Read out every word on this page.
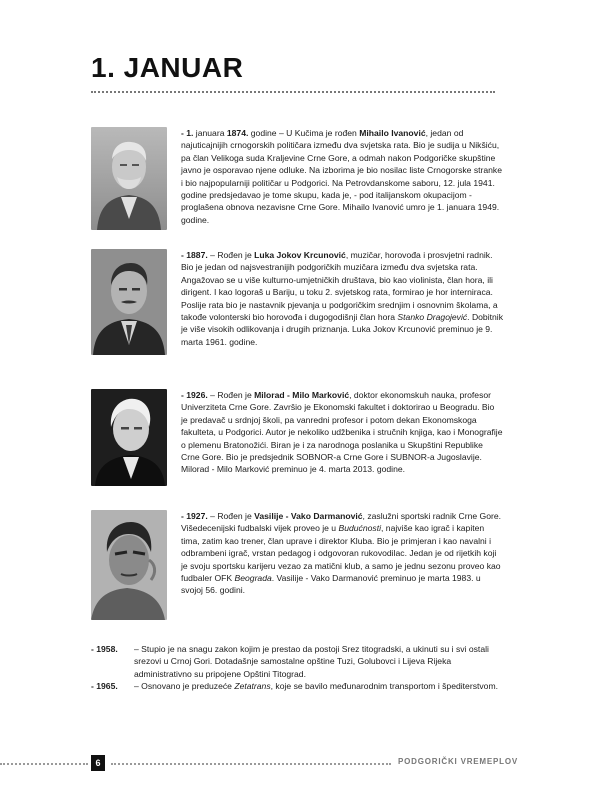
1. JANUAR

- 1. januara 1874. godine – U Kučima je rođen Mihailo Ivanović, jedan od najuticajnijih crnogorskih političara između dva svjetska rata. Bio je sudija u Nikšiću, pa član Velikoga suda Kraljevine Crne Gore, a odmah nakon Podgoričke skupštine javno je osporavao njene odluke. Na izborima je bio nosilac liste Crnogorske stranke i bio najpopularniji političar u Podgorici. Na Petrovdanskome saboru, 12. jula 1941. godine predsjedavao je tome skupu, kada je, - pod italijanskom okupacijom - proglašena obnova nezavisne Crne Gore. Mihailo Ivanović umro je 1. januara 1949. godine.

- 1887. – Rođen je Luka Jokov Krcunović, muzičar, horovođa i prosvjetni radnik. Bio je jedan od najsvestranijih podgoričkih muzičara između dva svjetska rata. Angažovao se u više kulturno-umjetničkih društava, bio kao violinista, član hora, ili dirigent. I kao logoraš u Bariju, u toku 2. svjetskog rata, formirao je hor interniraca. Poslije rata bio je nastavnik pjevanja u podgoričkim srednjim i osnovnim školama, a takođe volonterski bio horovođa i dugogodišnji član hora Stanko Dragojević. Dobitnik je više visokih odlikovanja i drugih priznanja. Luka Jokov Krcunović preminuo je 9. marta 1961. godine.

- 1926. – Rođen je Milorad - Milo Marković, doktor ekonomskuh nauka, profesor Univerziteta Crne Gore. Završio je Ekonomski fakultet i doktorirao u Beogradu. Bio je predavač u srdnjoj školi, pa vanredni profesor i potom dekan Ekonomskoga fakulteta, u Podgorici. Autor je nekoliko udžbenika i stručnih knjiga, kao i Monografije o plemenu Bratonožići. Biran je i za narodnoga poslanika u Skupštini Republike Crne Gore. Bio je predsjednik SOBNOR-a Crne Gore i SUBNOR-a Jugoslavije. Milorad - Milo Marković preminuo je 4. marta 2013. godine.

- 1927. – Rođen je Vasilije - Vako Darmanović, zaslužni sportski radnik Crne Gore. Višedecenijski fudbalski vijek proveo je u Budućnosti, najviše kao igrač i kapiten tima, zatim kao trener, član uprave i direktor Kluba. Bio je primjeran i kao navalni i odbrambeni igrač, vrstan pedagog i odgovoran rukovodilac. Jedan je od rijetkih koji je svoju sportsku karijeru vezao za matični klub, a samo je jednu sezonu proveo kao fudbaler OFK Beograda. Vasilije - Vako Darmanović preminuo je marta 1983. u svojoj 56. godini.

- 1958. – Stupio je na snagu zakon kojim je prestao da postoji Srez titogradski, a ukinuti su i svi ostali srezovi u Crnoj Gori. Dotadašnje samostalne opštine Tuzi, Golubovci i Lijeva Rijeka administrativno su pripojene Opštini Titograd.
- 1965. – Osnovano je preduzeće Zetatrans, koje se bavilo međunarodnim transportom i špediterstvom.
6	PODGORIČKI VREMEPLOV
